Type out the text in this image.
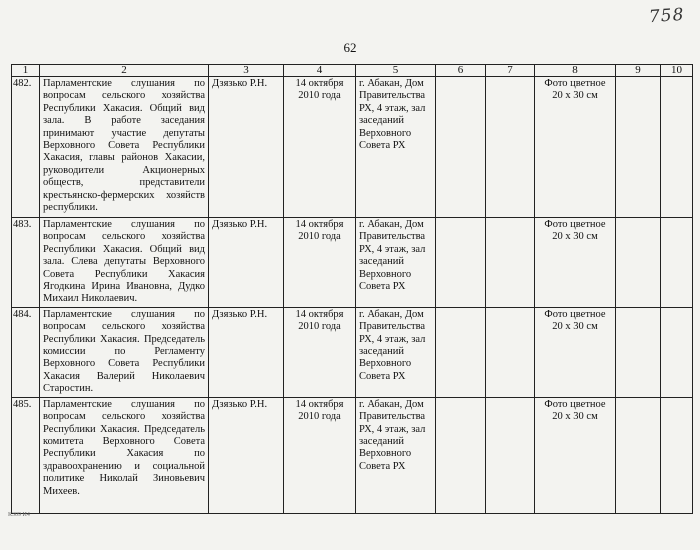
758
62
1	2	3	4	5	6	7	8	9	10
482.	Парламентские слушания по вопросам сельского хозяйства Республики Хакасия. Общий вид зала. В работе заседания принимают участие депутаты Верховного Совета Республики Хакасия, главы районов Хакасии, руководители Акционерных обществ, представители крестьянско-фермерских хозяйств республики.	Дзязько Р.Н.	14 октября 2010 года	г. Абакан, Дом Правительства РХ, 4 этаж, зал заседаний Верховного Совета РХ			Фото цветное 20 х 30 см		
483.	Парламентские слушания по вопросам сельского хозяйства Республики Хакасия. Общий вид зала. Слева депутаты Верховного Совета Республики Хакасия Ягодкина Ирина Ивановна, Дудко Михаил Николаевич.	Дзязько Р.Н.	14 октября 2010 года	г. Абакан, Дом Правительства РХ, 4 этаж, зал заседаний Верховного Совета РХ			Фото цветное 20 х 30 см		
484.	Парламентские слушания по вопросам сельского хозяйства Республики Хакасия. Председатель комиссии по Регламенту Верховного Совета Республики Хакасия Валерий Николаевич Старостин.	Дзязько Р.Н.	14 октября 2010 года	г. Абакан, Дом Правительства РХ, 4 этаж, зал заседаний Верховного Совета РХ			Фото цветное 20 х 30 см		
485.	Парламентские слушания по вопросам сельского хозяйства Республики Хакасия. Председатель комитета Верховного Совета Республики Хакасия по здравоохранению и социальной политике Николай Зиновьевич Михеев.	Дзязько Р.Н.	14 октября 2010 года	г. Абакан, Дом Правительства РХ, 4 этаж, зал заседаний Верховного Совета РХ			Фото цветное 20 х 30 см		
К309 И4
